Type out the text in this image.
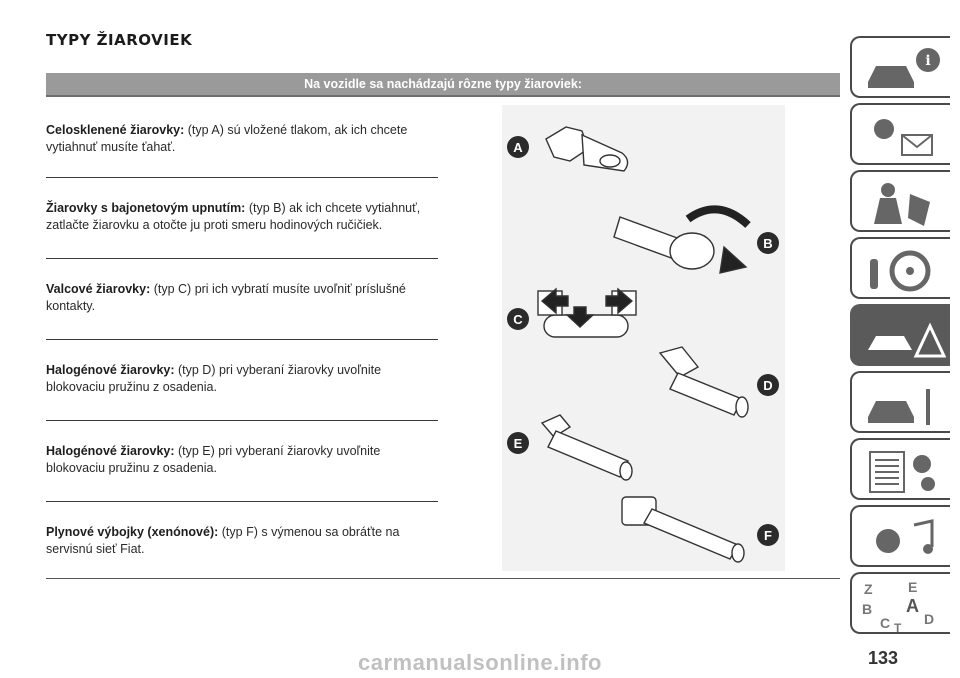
TYPY ŽIAROVIEK
Na vozidle sa nachádzajú rôzne typy žiaroviek:

Celosklenené žiarovky: (typ A) sú vložené tlakom, ak ich chcete vytiahnuť musíte ťahať.

Žiarovky s bajonetovým upnutím: (typ B) ak ich chcete vytiahnuť, zatlačte žiarovku a otočte ju proti smeru hodinových ručičiek.

Valcové žiarovky: (typ C) pri ich vybratí musíte uvoľniť príslušné kontakty.

Halogénové žiarovky: (typ D) pri vyberaní žiarovky uvoľnite blokovaciu pružinu z osadenia.

Halogénové žiarovky: (typ E) pri vyberaní žiarovky uvoľnite blokovaciu pružinu z osadenia.

Plynové výbojky (xenónové): (typ F) s výmenou sa obráťte na servisnú sieť Fiat.

A
B
C
D
E
F
i
Z	E
A
B
D
C T
133
carmanualsonline.info
